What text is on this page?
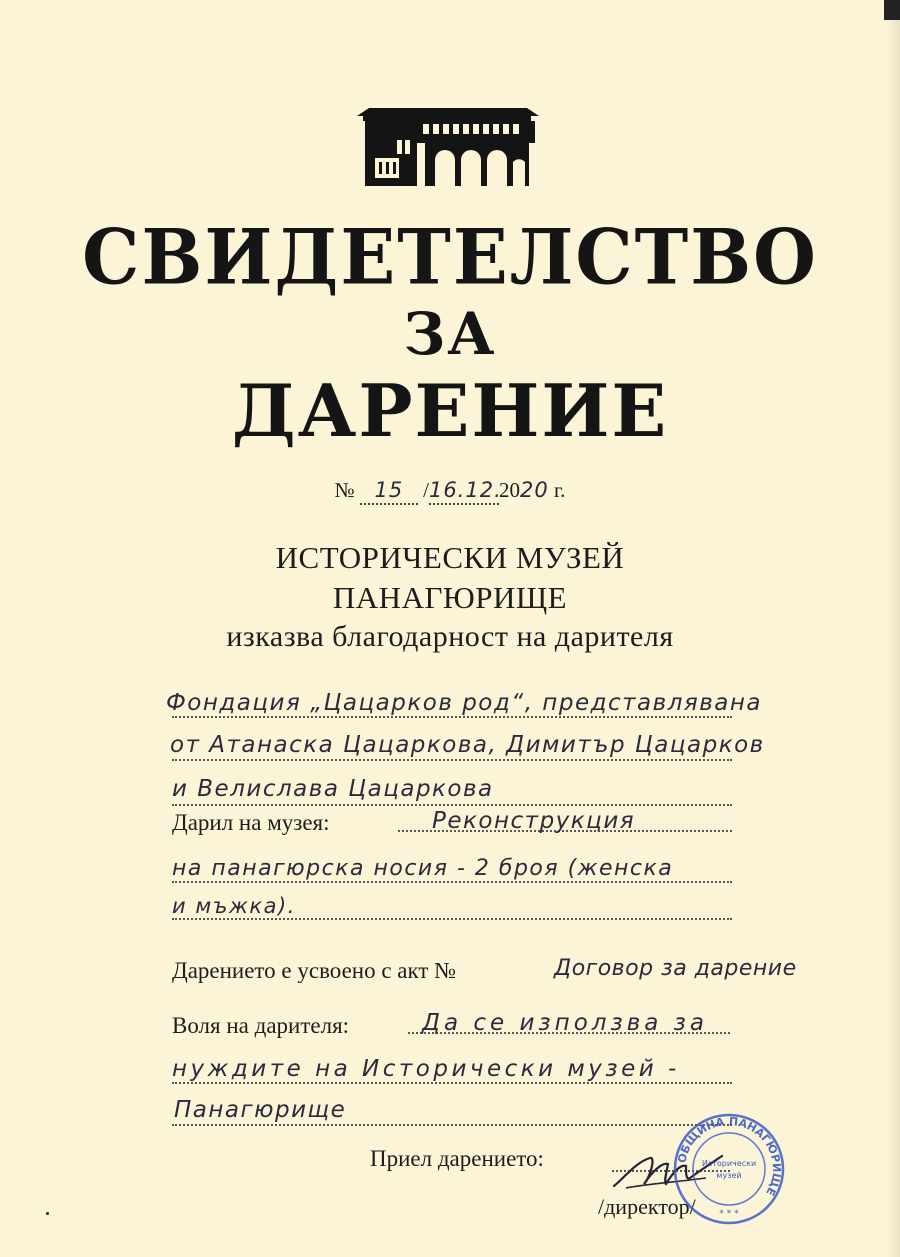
СВИДЕТЕЛСТВО
ЗА
ДАРЕНИЕ
№ 15 /16.12.2020 г.
ИСТОРИЧЕСКИ МУЗЕЙ
ПАНАГЮРИЩЕ
изказва благодарност на дарителя
Фондация „Цацарков род“, представлявана
от Атанаска Цацаркова, Димитър Цацарков
и Велислава Цацаркова
Дарил на музея:	Реконструкция
на панагюрска носия - 2 броя (женска
и мъжка).
Дарението е усвоено с акт №	Договор за дарение
Воля на дарителя:	Да се използва за
нуждите на Исторически музей -
Панагюрище
Приел дарението:
/директор/
ОБЩИНА ПАНАГЮРИЩЕ
Исторически
музей
* * *
